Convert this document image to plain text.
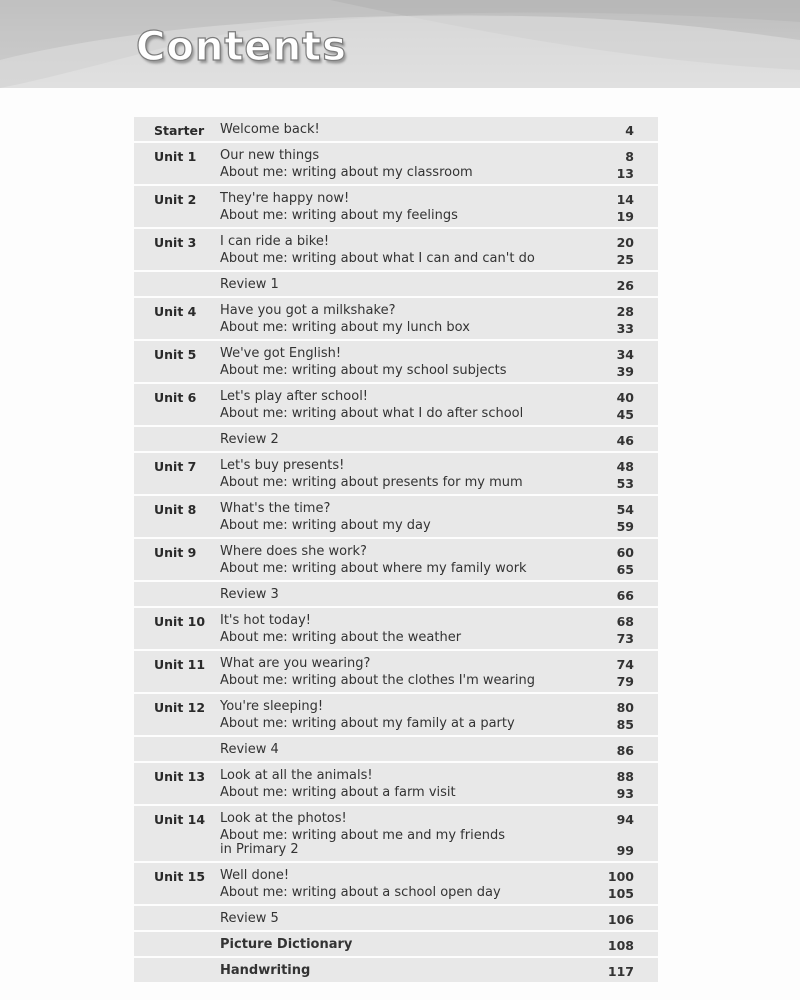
Contents
Starter	Welcome back!	4
Unit 1	Our new things	8
About me: writing about my classroom	13
Unit 2	They're happy now!	14
About me: writing about my feelings	19
Unit 3	I can ride a bike!	20
About me: writing about what I can and can't do	25
Review 1	26
Unit 4	Have you got a milkshake?	28
About me: writing about my lunch box	33
Unit 5	We've got English!	34
About me: writing about my school subjects	39
Unit 6	Let's play after school!	40
About me: writing about what I do after school	45
Review 2	46
Unit 7	Let's buy presents!	48
About me: writing about presents for my mum	53
Unit 8	What's the time?	54
About me: writing about my day	59
Unit 9	Where does she work?	60
About me: writing about where my family work	65
Review 3	66
Unit 10	It's hot today!	68
About me: writing about the weather	73
Unit 11	What are you wearing?	74
About me: writing about the clothes I'm wearing	79
Unit 12	You're sleeping!	80
About me: writing about my family at a party	85
Review 4	86
Unit 13	Look at all the animals!	88
About me: writing about a farm visit	93
Unit 14	Look at the photos!	94
About me: writing about me and my friends
in Primary 2	99
Unit 15	Well done!	100
About me: writing about a school open day	105
Review 5	106
Picture Dictionary	108
Handwriting	117
